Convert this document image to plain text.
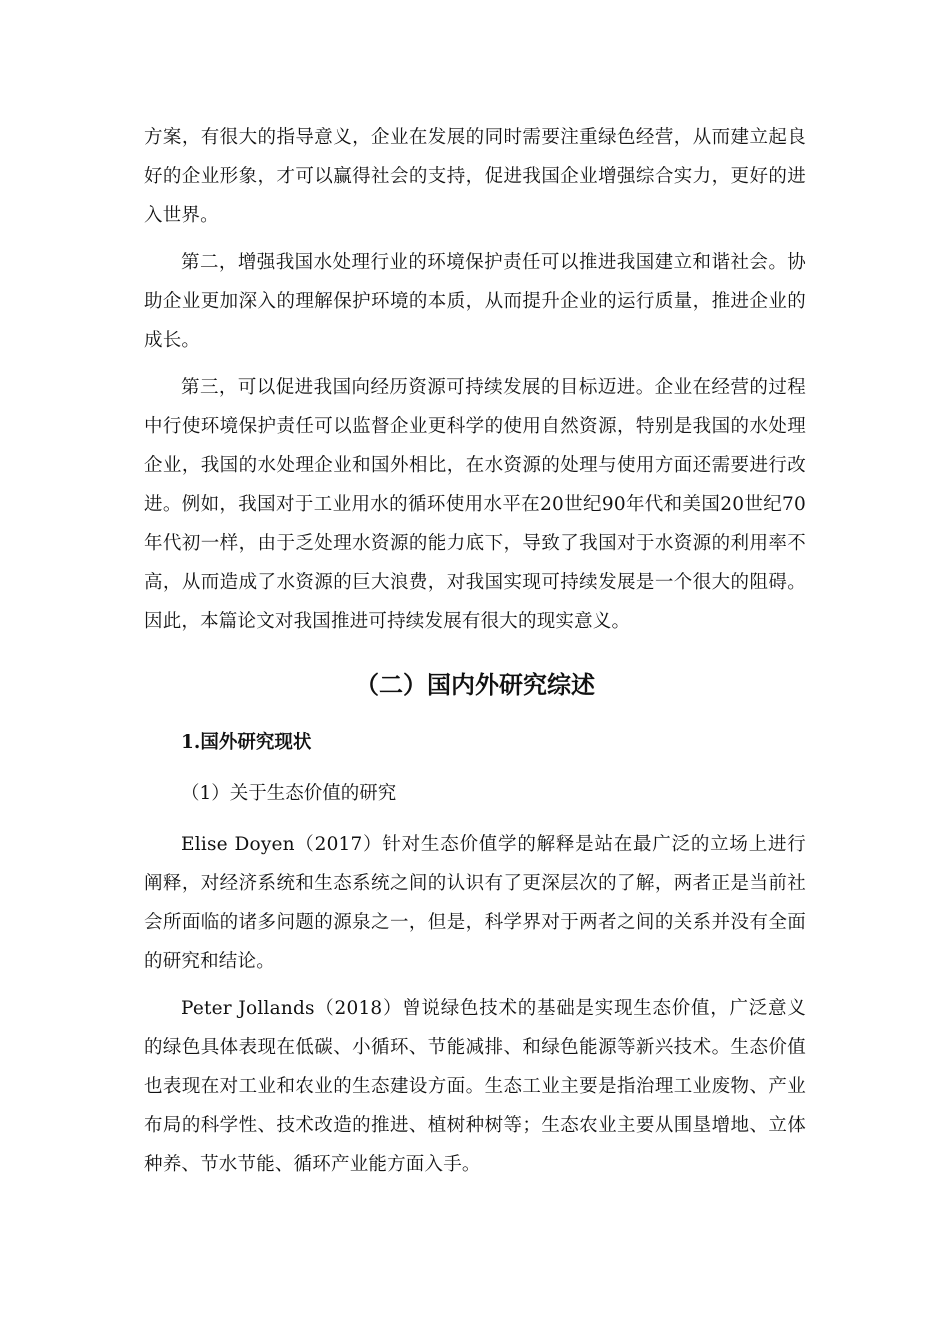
方案，有很大的指导意义，企业在发展的同时需要注重绿色经营，从而建立起良好的企业形象，才可以赢得社会的支持，促进我国企业增强综合实力，更好的进入世界。

第二，增强我国水处理行业的环境保护责任可以推进我国建立和谐社会。协助企业更加深入的理解保护环境的本质，从而提升企业的运行质量，推进企业的成长。

第三，可以促进我国向经历资源可持续发展的目标迈进。企业在经营的过程中行使环境保护责任可以监督企业更科学的使用自然资源，特别是我国的水处理企业，我国的水处理企业和国外相比，在水资源的处理与使用方面还需要进行改进。例如，我国对于工业用水的循环使用水平在20世纪90年代和美国20世纪70年代初一样，由于乏处理水资源的能力底下，导致了我国对于水资源的利用率不高，从而造成了水资源的巨大浪费，对我国实现可持续发展是一个很大的阻碍。因此，本篇论文对我国推进可持续发展有很大的现实意义。

（二）国内外研究综述
1.国外研究现状

（1）关于生态价值的研究

Elise Doyen（2017）针对生态价值学的解释是站在最广泛的立场上进行阐释，对经济系统和生态系统之间的认识有了更深层次的了解，两者正是当前社会所面临的诸多问题的源泉之一，但是，科学界对于两者之间的关系并没有全面的研究和结论。

Peter Jollands（2018）曾说绿色技术的基础是实现生态价值，广泛意义的绿色具体表现在低碳、小循环、节能减排、和绿色能源等新兴技术。生态价值也表现在对工业和农业的生态建设方面。生态工业主要是指治理工业废物、产业布局的科学性、技术改造的推进、植树种树等；生态农业主要从围垦增地、立体种养、节水节能、循环产业能方面入手。
